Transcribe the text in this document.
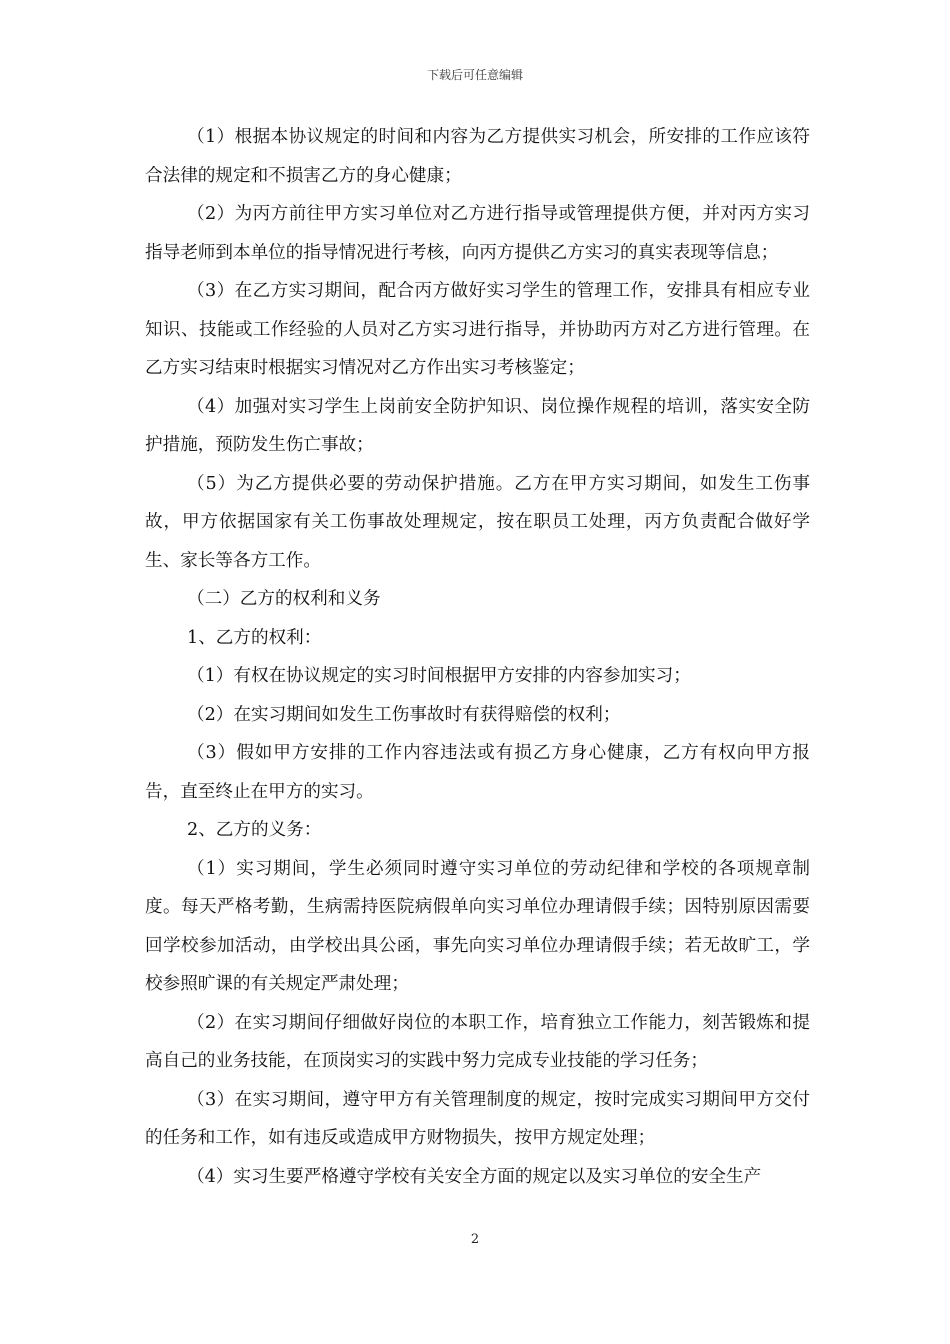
下载后可任意编辑

（1）根据本协议规定的时间和内容为乙方提供实习机会，所安排的工作应该符合法律的规定和不损害乙方的身心健康；

（2）为丙方前往甲方实习单位对乙方进行指导或管理提供方便，并对丙方实习指导老师到本单位的指导情况进行考核，向丙方提供乙方实习的真实表现等信息；

（3）在乙方实习期间，配合丙方做好实习学生的管理工作，安排具有相应专业知识、技能或工作经验的人员对乙方实习进行指导，并协助丙方对乙方进行管理。在乙方实习结束时根据实习情况对乙方作出实习考核鉴定；

（4）加强对实习学生上岗前安全防护知识、岗位操作规程的培训，落实安全防护措施，预防发生伤亡事故；

（5）为乙方提供必要的劳动保护措施。乙方在甲方实习期间，如发生工伤事故，甲方依据国家有关工伤事故处理规定，按在职员工处理，丙方负责配合做好学生、家长等各方工作。

（二）乙方的权利和义务

1、乙方的权利：

（1）有权在协议规定的实习时间根据甲方安排的内容参加实习；

（2）在实习期间如发生工伤事故时有获得赔偿的权利；

（3）假如甲方安排的工作内容违法或有损乙方身心健康，乙方有权向甲方报告，直至终止在甲方的实习。

2、乙方的义务：

（1）实习期间，学生必须同时遵守实习单位的劳动纪律和学校的各项规章制度。每天严格考勤，生病需持医院病假单向实习单位办理请假手续；因特别原因需要回学校参加活动，由学校出具公函，事先向实习单位办理请假手续；若无故旷工，学校参照旷课的有关规定严肃处理；

（2）在实习期间仔细做好岗位的本职工作，培育独立工作能力，刻苦锻炼和提高自己的业务技能，在顶岗实习的实践中努力完成专业技能的学习任务；

（3）在实习期间，遵守甲方有关管理制度的规定，按时完成实习期间甲方交付的任务和工作，如有违反或造成甲方财物损失，按甲方规定处理；

（4）实习生要严格遵守学校有关安全方面的规定以及实习单位的安全生产

2
